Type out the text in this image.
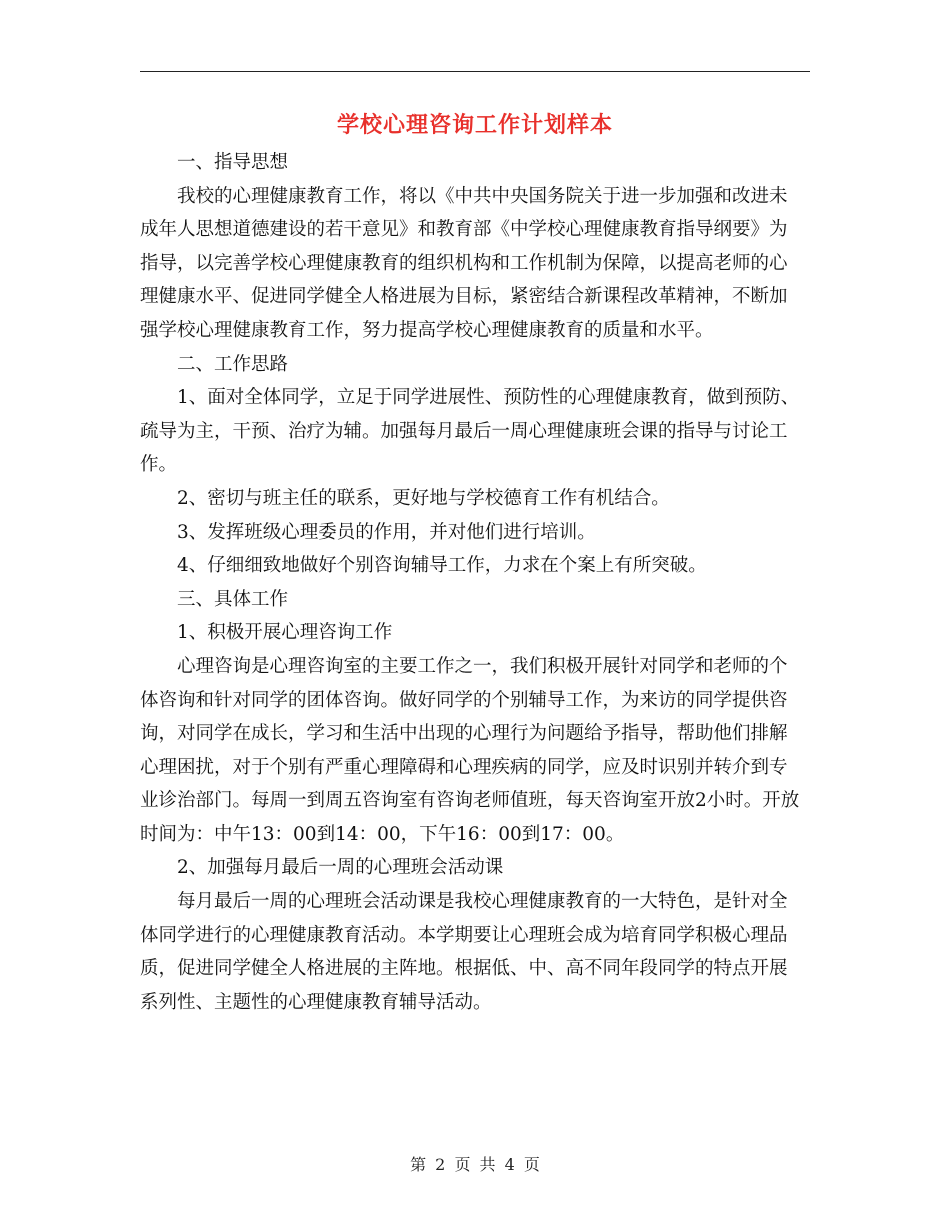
学校心理咨询工作计划样本

一、指导思想

我校的心理健康教育工作，将以《中共中央国务院关于进一步加强和改进未成年人思想道德建设的若干意见》和教育部《中学校心理健康教育指导纲要》为指导，以完善学校心理健康教育的组织机构和工作机制为保障，以提高老师的心理健康水平、促进同学健全人格进展为目标，紧密结合新课程改革精神，不断加强学校心理健康教育工作，努力提高学校心理健康教育的质量和水平。

二、工作思路

1、面对全体同学，立足于同学进展性、预防性的心理健康教育，做到预防、疏导为主，干预、治疗为辅。加强每月最后一周心理健康班会课的指导与讨论工作。

2、密切与班主任的联系，更好地与学校德育工作有机结合。

3、发挥班级心理委员的作用，并对他们进行培训。

4、仔细细致地做好个别咨询辅导工作，力求在个案上有所突破。

三、具体工作

1、积极开展心理咨询工作

心理咨询是心理咨询室的主要工作之一，我们积极开展针对同学和老师的个体咨询和针对同学的团体咨询。做好同学的个别辅导工作，为来访的同学提供咨询，对同学在成长，学习和生活中出现的心理行为问题给予指导，帮助他们排解心理困扰，对于个别有严重心理障碍和心理疾病的同学，应及时识别并转介到专业诊治部门。每周一到周五咨询室有咨询老师值班，每天咨询室开放2小时。开放时间为：中午13：00到14：00，下午16：00到17：00。

2、加强每月最后一周的心理班会活动课

每月最后一周的心理班会活动课是我校心理健康教育的一大特色，是针对全体同学进行的心理健康教育活动。本学期要让心理班会成为培育同学积极心理品质，促进同学健全人格进展的主阵地。根据低、中、高不同年段同学的特点开展系列性、主题性的心理健康教育辅导活动。

第 2 页 共 4 页
